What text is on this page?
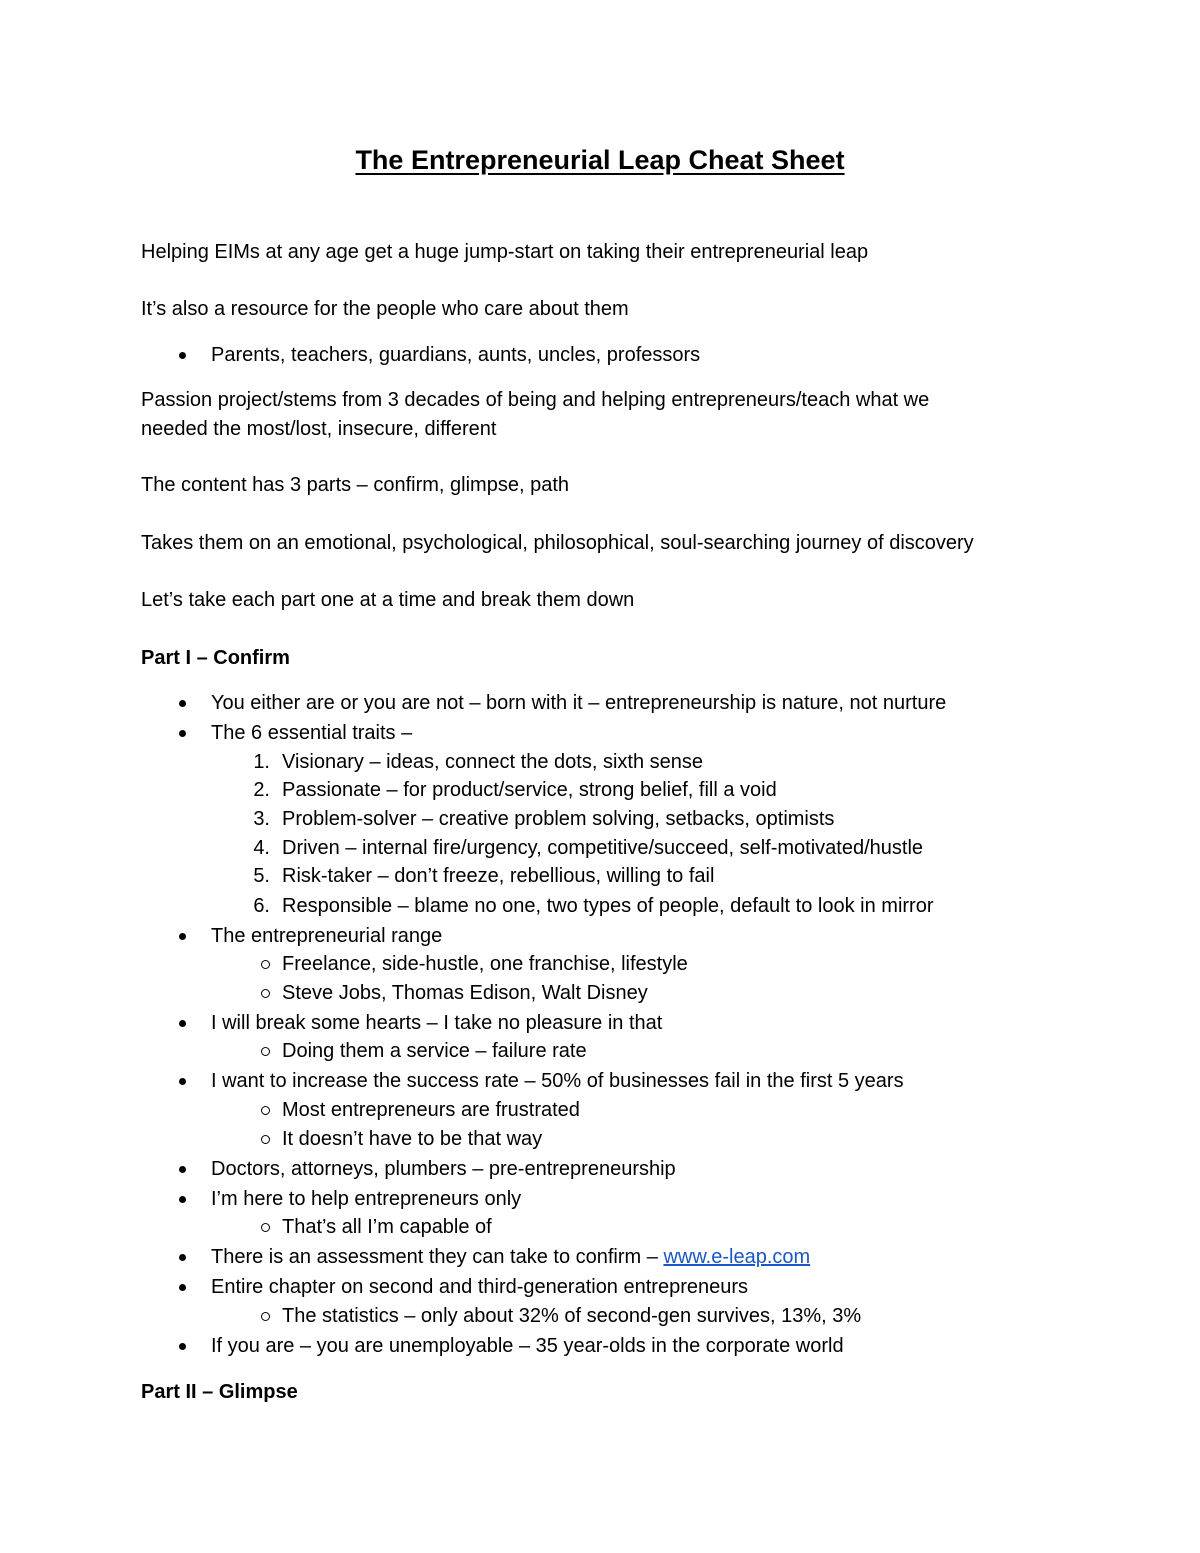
The Entrepreneurial Leap Cheat Sheet
Helping EIMs at any age get a huge jump-start on taking their entrepreneurial leap
It’s also a resource for the people who care about them
Parents, teachers, guardians, aunts, uncles, professors
Passion project/stems from 3 decades of being and helping entrepreneurs/teach what we
needed the most/lost, insecure, different
The content has 3 parts – confirm, glimpse, path
Takes them on an emotional, psychological, philosophical, soul-searching journey of discovery
Let’s take each part one at a time and break them down
Part I – Confirm
You either are or you are not – born with it – entrepreneurship is nature, not nurture
The 6 essential traits –
1. Visionary – ideas, connect the dots, sixth sense
2. Passionate – for product/service, strong belief, fill a void
3. Problem-solver – creative problem solving, setbacks, optimists
4. Driven – internal fire/urgency, competitive/succeed, self-motivated/hustle
5. Risk-taker – don’t freeze, rebellious, willing to fail
6. Responsible – blame no one, two types of people, default to look in mirror
The entrepreneurial range
Freelance, side-hustle, one franchise, lifestyle
Steve Jobs, Thomas Edison, Walt Disney
I will break some hearts – I take no pleasure in that
Doing them a service – failure rate
I want to increase the success rate – 50% of businesses fail in the first 5 years
Most entrepreneurs are frustrated
It doesn’t have to be that way
Doctors, attorneys, plumbers – pre-entrepreneurship
I’m here to help entrepreneurs only
That’s all I’m capable of
There is an assessment they can take to confirm – www.e-leap.com
Entire chapter on second and third-generation entrepreneurs
The statistics – only about 32% of second-gen survives, 13%, 3%
If you are – you are unemployable – 35 year-olds in the corporate world
Part II – Glimpse
